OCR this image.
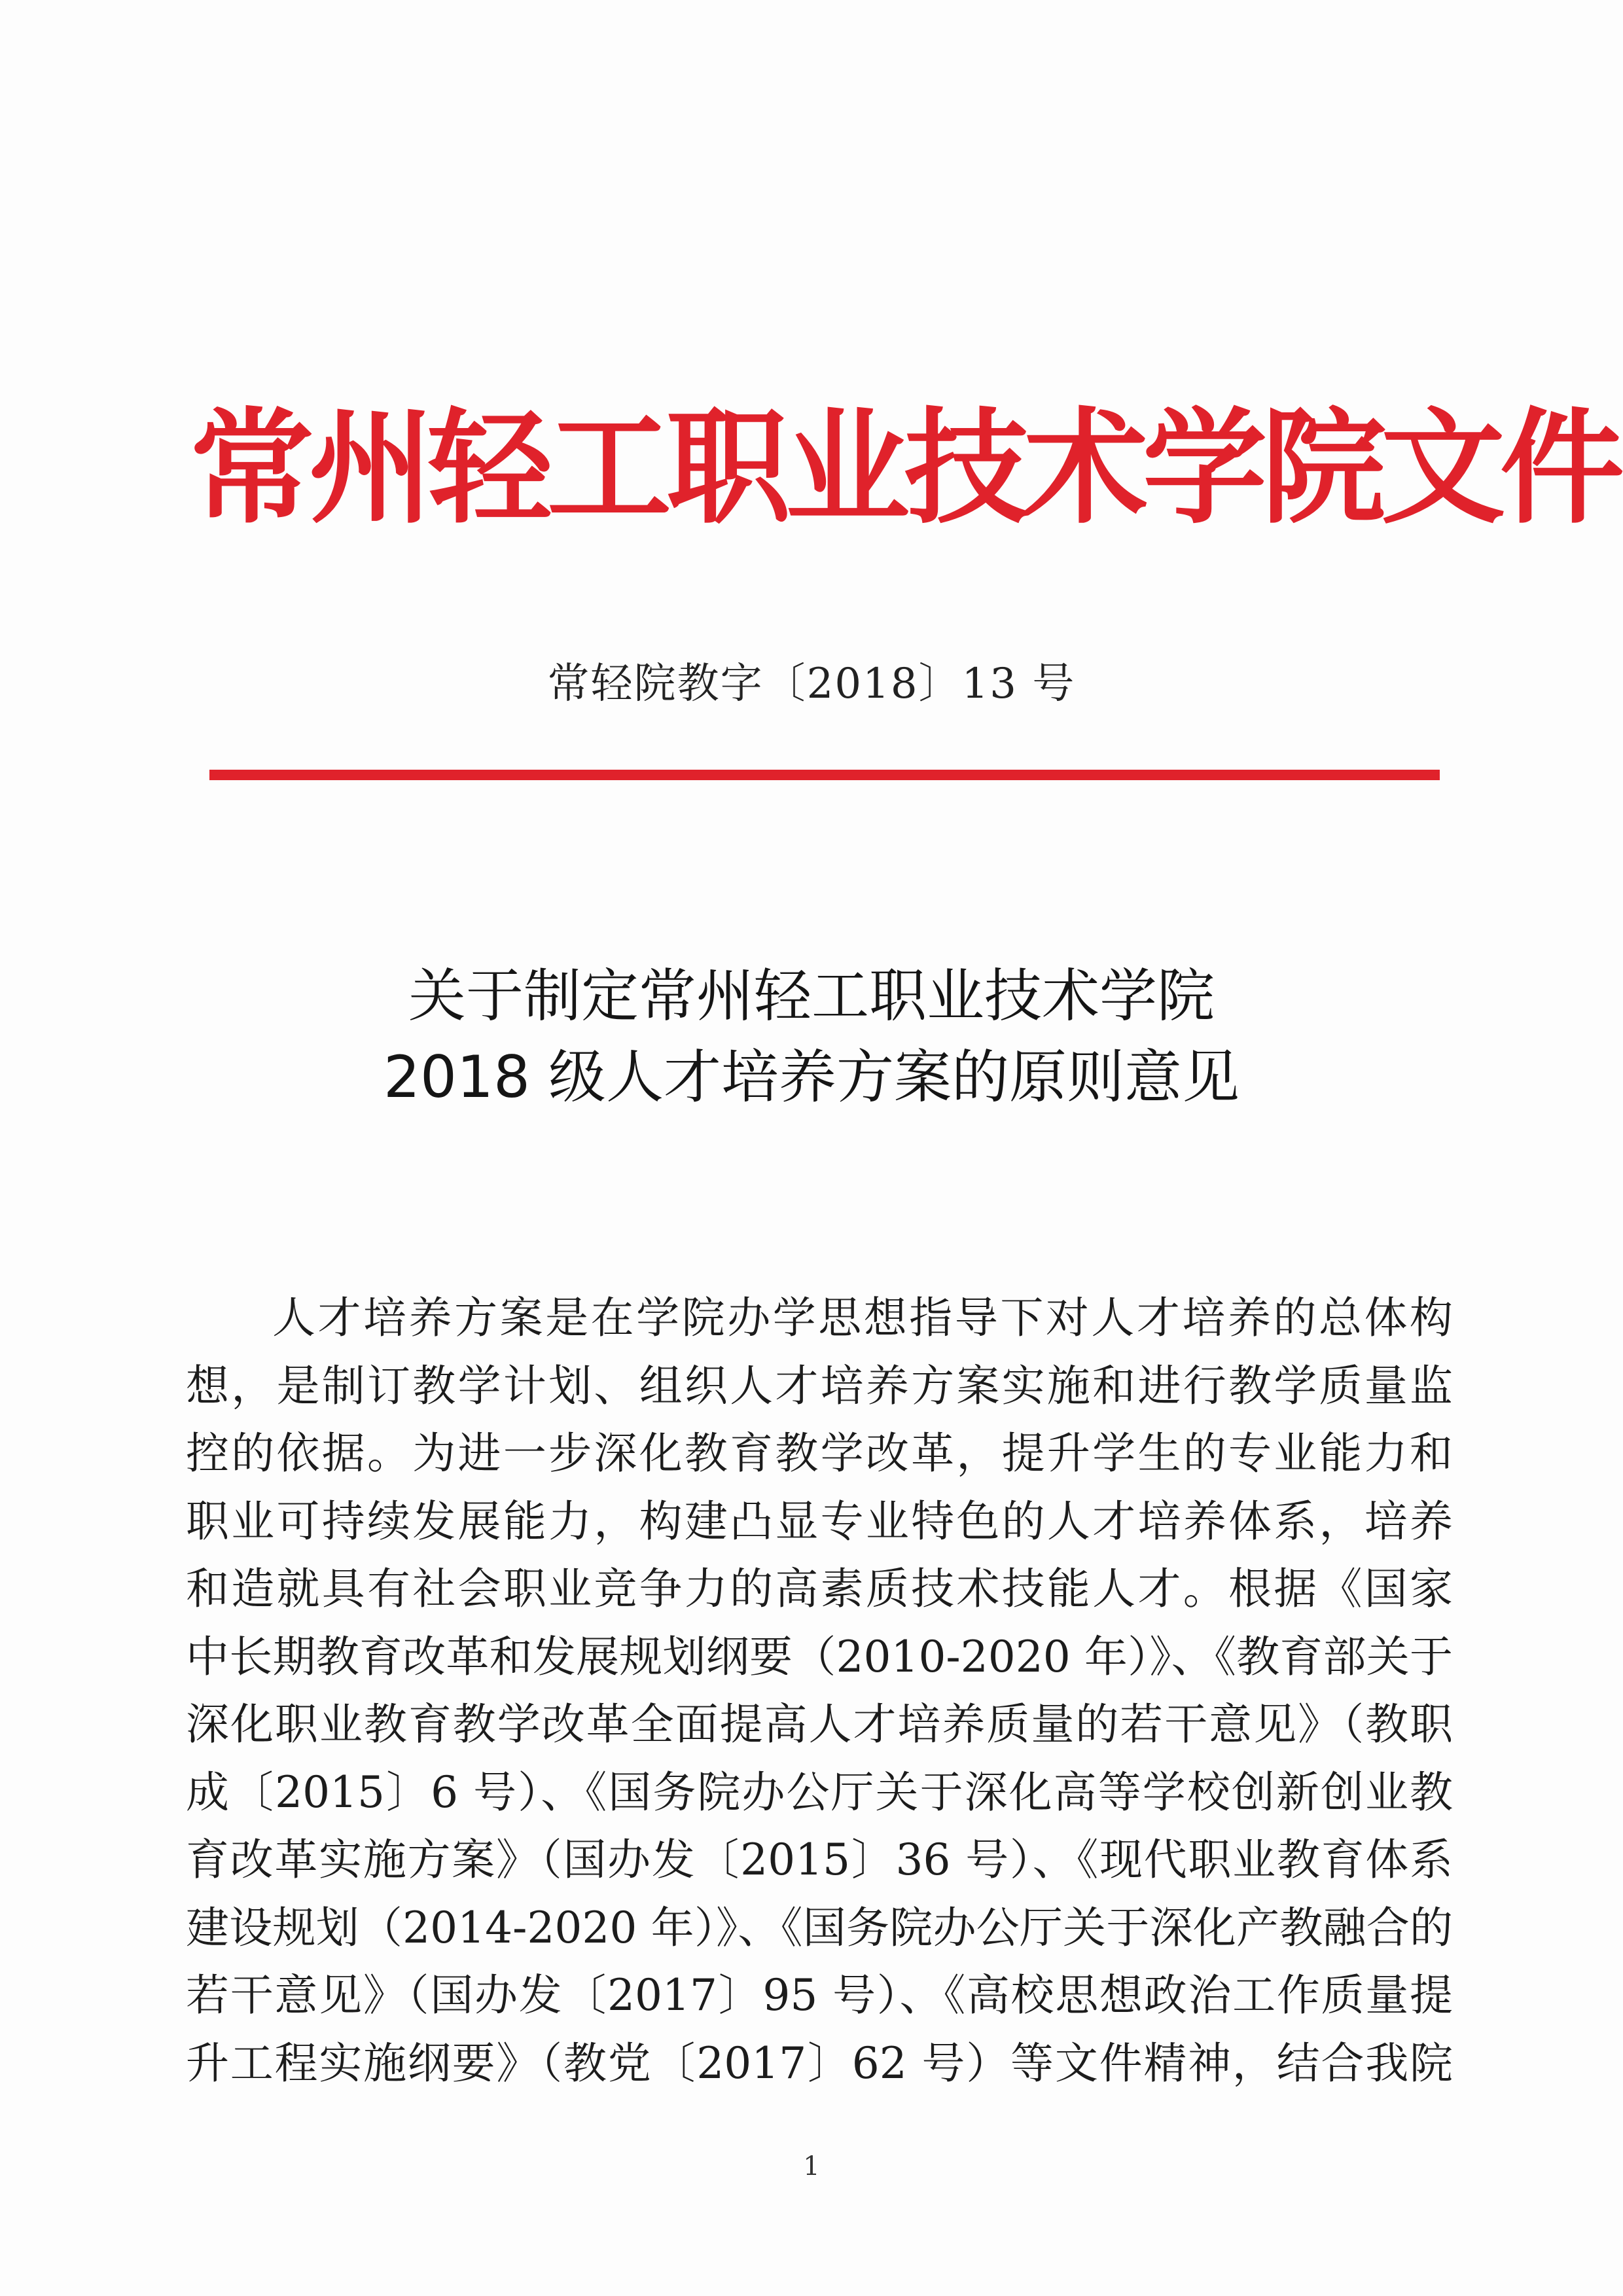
常州轻工职业技术学院文件
常轻院教字〔2018〕13 号
关于制定常州轻工职业技术学院
2018 级人才培养方案的原则意见
人才培养方案是在学院办学思想指导下对人才培养的总体构
想，是制订教学计划、组织人才培养方案实施和进行教学质量监
控的依据。为进一步深化教育教学改革，提升学生的专业能力和
职业可持续发展能力，构建凸显专业特色的人才培养体系，培养
和造就具有社会职业竞争力的高素质技术技能人才。根据《国家
中长期教育改革和发展规划纲要（2010-2020 年）》、《教育部关于
深化职业教育教学改革全面提高人才培养质量的若干意见》（教职
成〔2015〕6 号）、《国务院办公厅关于深化高等学校创新创业教
育改革实施方案》（国办发〔2015〕36 号）、《现代职业教育体系
建设规划（2014-2020 年）》、《国务院办公厅关于深化产教融合的
若干意见》（国办发〔2017〕95 号）、《高校思想政治工作质量提
升工程实施纲要》（教党〔2017〕62 号）等文件精神，结合我院
1
